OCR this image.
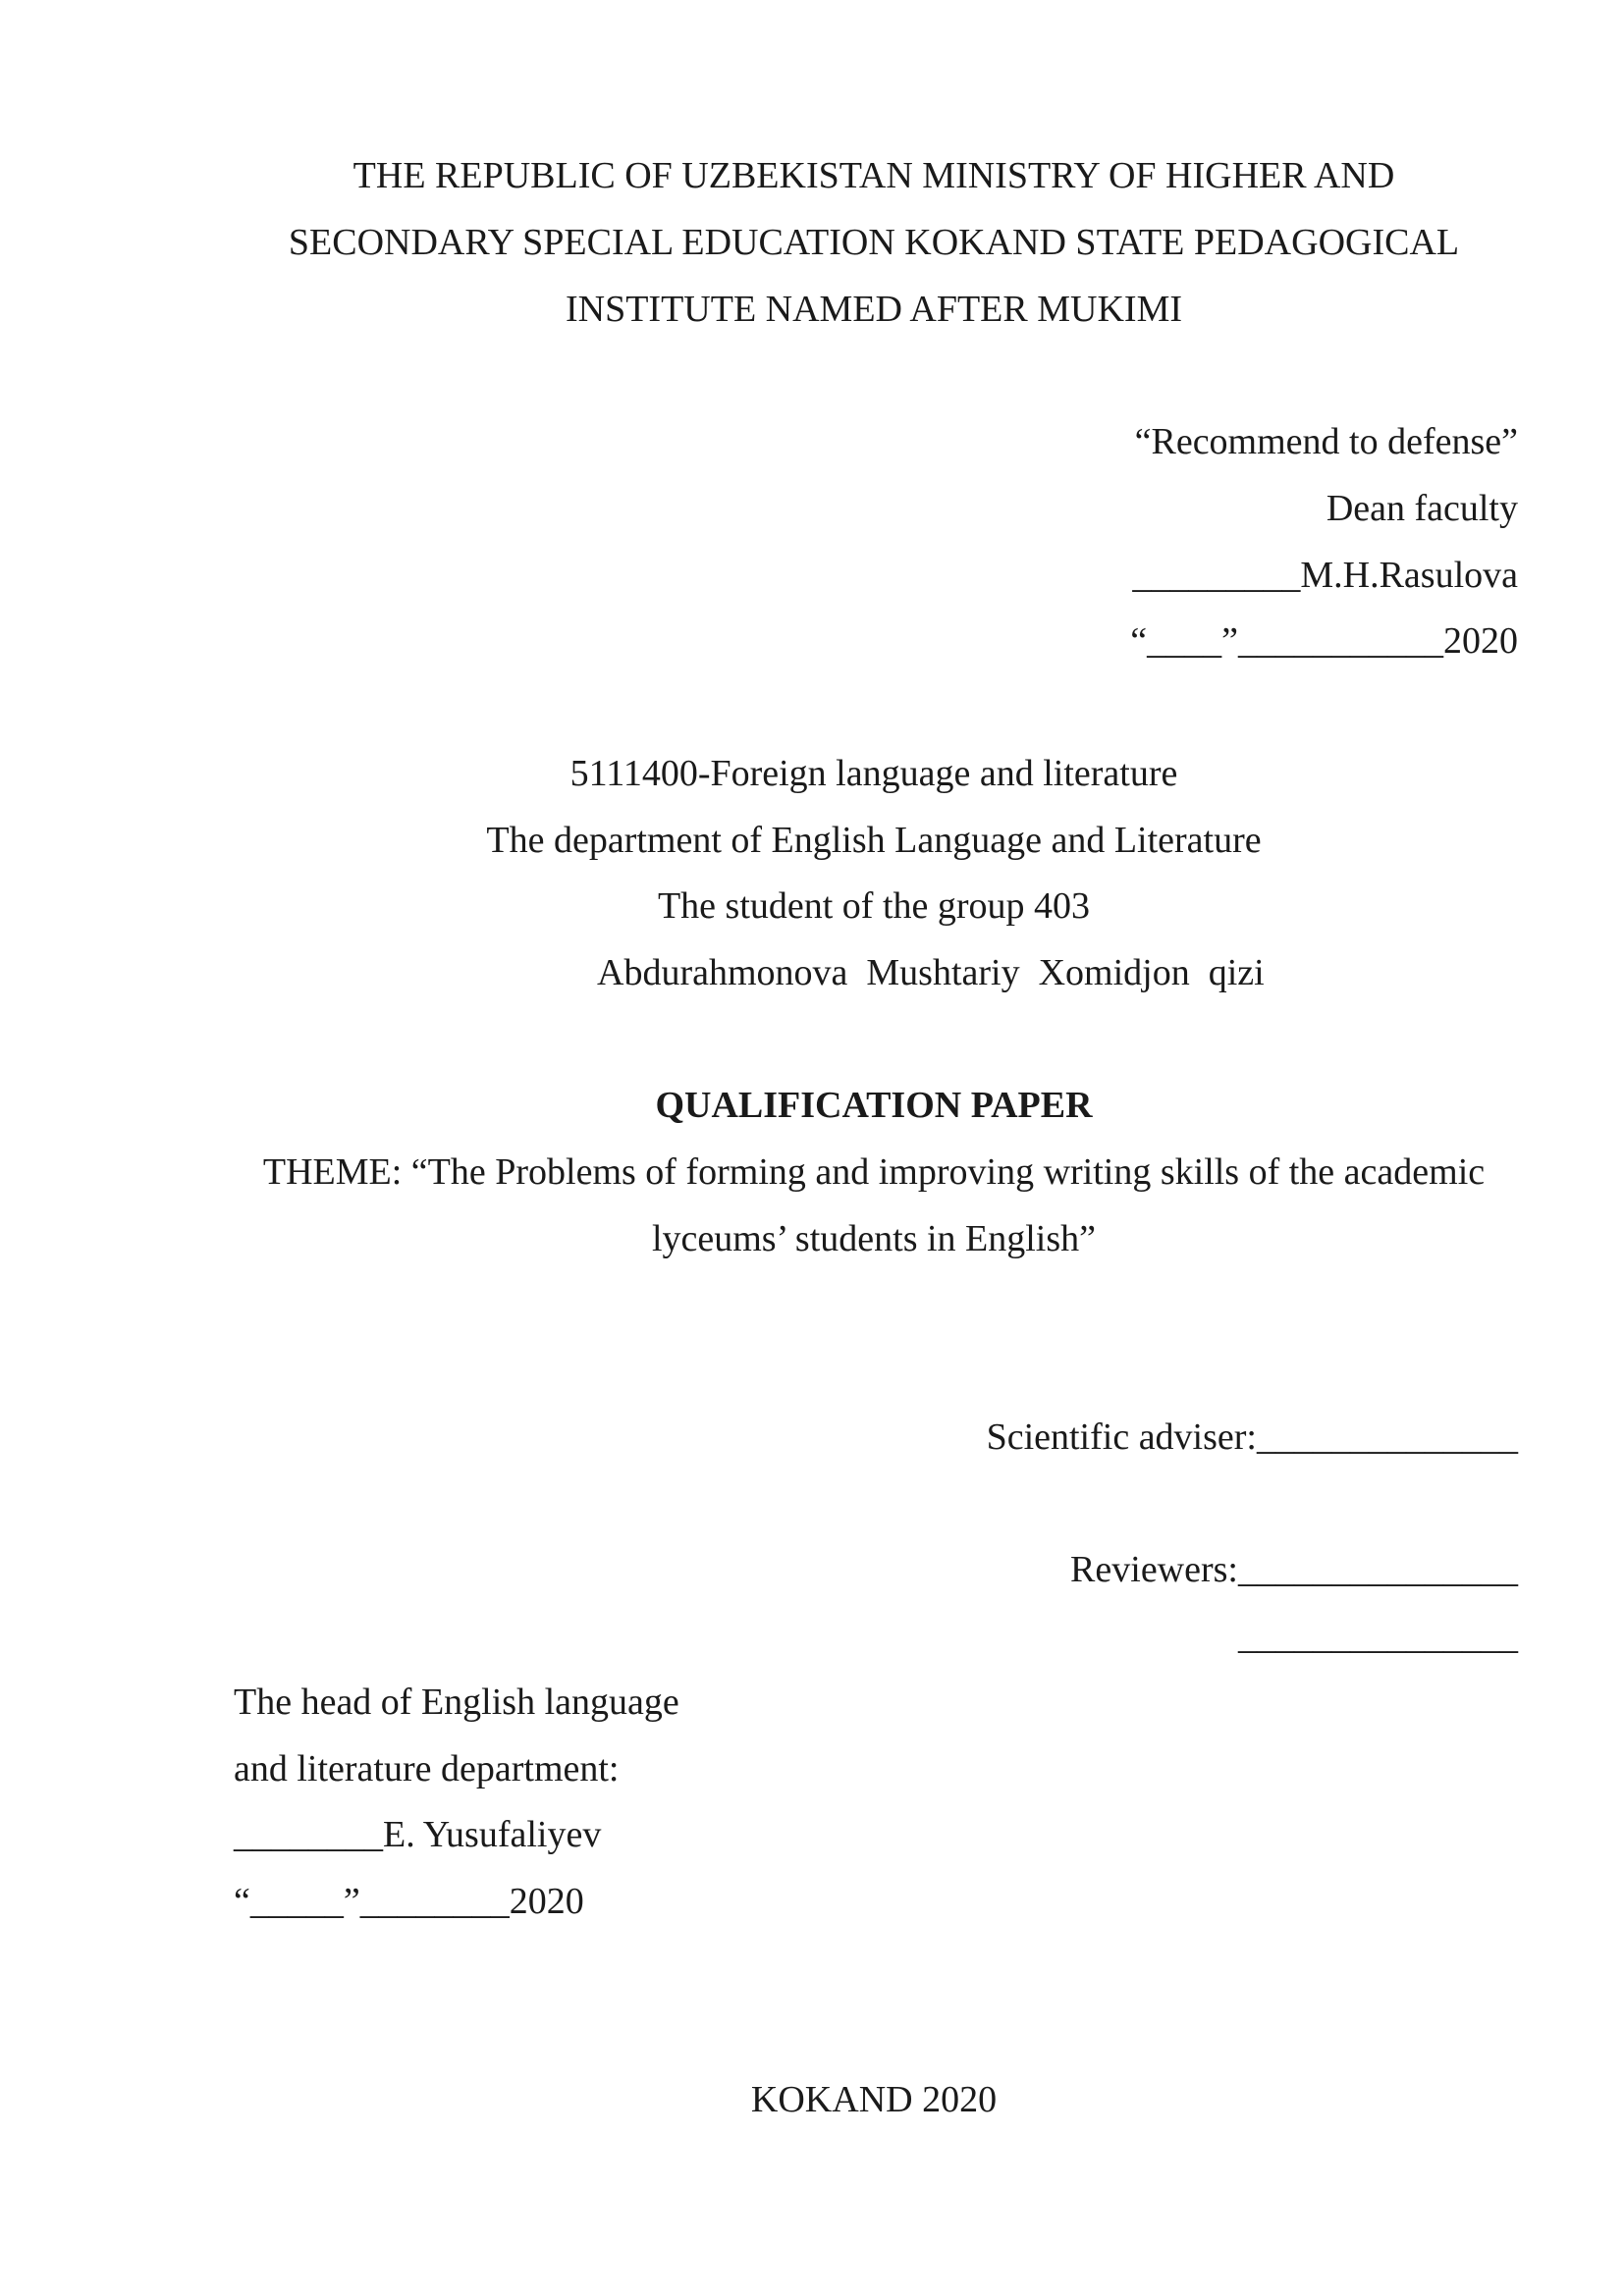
THE REPUBLIC OF UZBEKISTAN MINISTRY OF HIGHER AND
SECONDARY SPECIAL EDUCATION KOKAND STATE PEDAGOGICAL
INSTITUTE NAMED AFTER MUKIMI
“Recommend to defense”
Dean faculty
_________M.H.Rasulova
“____”___________2020
5111400-Foreign language and literature
The department of English Language and Literature
The student of the group 403
Abdurahmonova  Mushtariy  Xomidjon  qizi
QUALIFICATION PAPER
THEME: “The Problems of forming and improving writing skills of the academic
lyceums’ students in English”
Scientific adviser:______________
Reviewers:_______________
_______________
The head of English language
and literature department:
________E. Yusufaliyev
“_____”________2020
KOKAND 2020
